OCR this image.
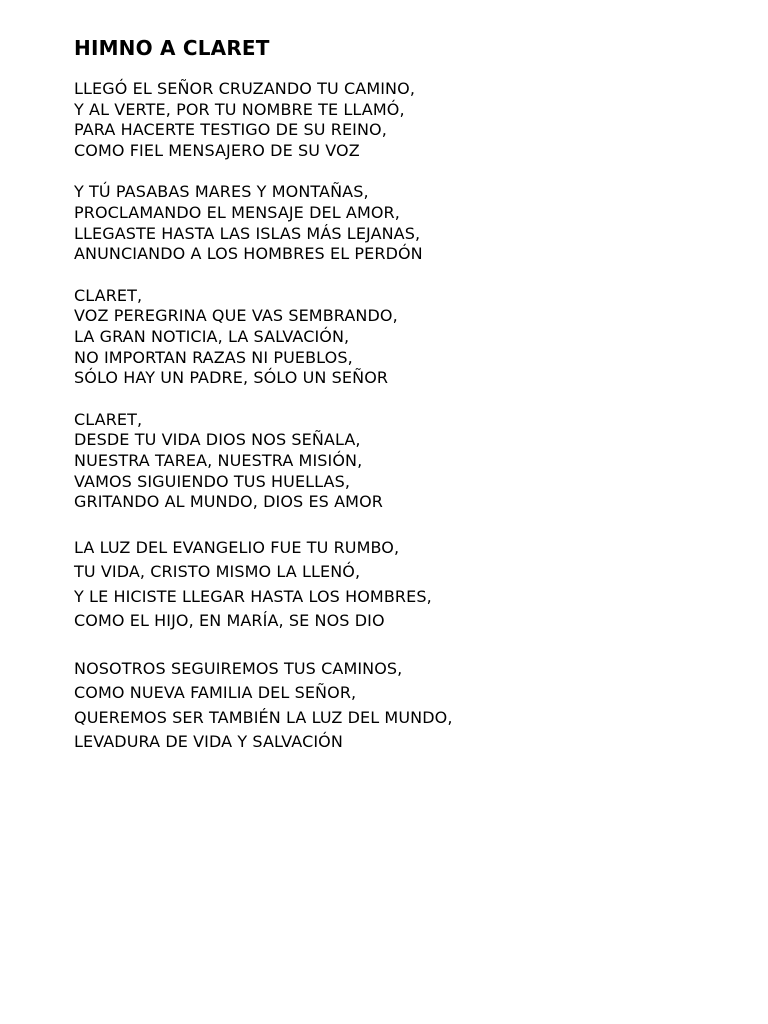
HIMNO A CLARET
LLEGÓ EL SEÑOR CRUZANDO TU CAMINO,
Y AL VERTE, POR TU NOMBRE TE LLAMÓ,
PARA HACERTE TESTIGO DE SU REINO,
COMO FIEL MENSAJERO DE SU VOZ
Y TÚ PASABAS MARES Y MONTAÑAS,
PROCLAMANDO EL MENSAJE DEL AMOR,
LLEGASTE HASTA LAS ISLAS MÁS LEJANAS,
ANUNCIANDO A LOS HOMBRES EL PERDÓN
CLARET,
VOZ PEREGRINA QUE VAS SEMBRANDO,
LA GRAN NOTICIA, LA SALVACIÓN,
NO IMPORTAN RAZAS NI PUEBLOS,
SÓLO HAY UN PADRE, SÓLO UN SEÑOR
CLARET,
DESDE TU VIDA DIOS NOS SEÑALA,
NUESTRA TAREA, NUESTRA MISIÓN,
VAMOS SIGUIENDO TUS HUELLAS,
GRITANDO AL MUNDO, DIOS ES AMOR
LA LUZ DEL EVANGELIO FUE TU RUMBO,
TU VIDA, CRISTO MISMO LA LLENÓ,
Y LE HICISTE LLEGAR HASTA LOS HOMBRES,
COMO EL HIJO, EN MARÍA, SE NOS DIO
NOSOTROS SEGUIREMOS TUS CAMINOS,
COMO NUEVA FAMILIA DEL SEÑOR,
QUEREMOS SER TAMBIÉN LA LUZ DEL MUNDO,
LEVADURA DE VIDA Y SALVACIÓN
